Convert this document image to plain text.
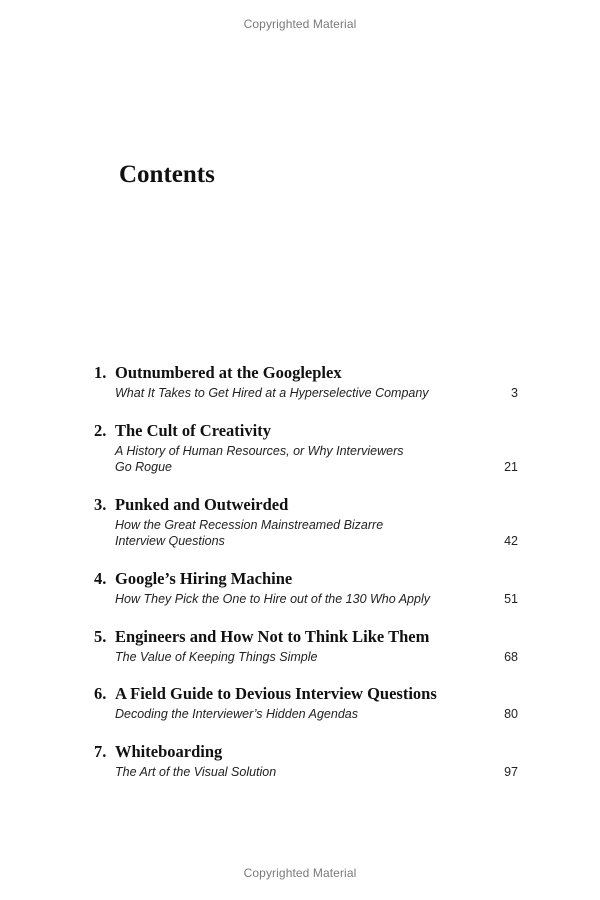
Copyrighted Material
Contents
1. Outnumbered at the Googleplex
What It Takes to Get Hired at a Hyperselective Company	3
2. The Cult of Creativity
A History of Human Resources, or Why Interviewers
Go Rogue	21
3. Punked and Outweirded
How the Great Recession Mainstreamed Bizarre
Interview Questions	42
4. Google’s Hiring Machine
How They Pick the One to Hire out of the 130 Who Apply	51
5. Engineers and How Not to Think Like Them
The Value of Keeping Things Simple	68
6. A Field Guide to Devious Interview Questions
Decoding the Interviewer’s Hidden Agendas	80
7. Whiteboarding
The Art of the Visual Solution	97
Copyrighted Material
